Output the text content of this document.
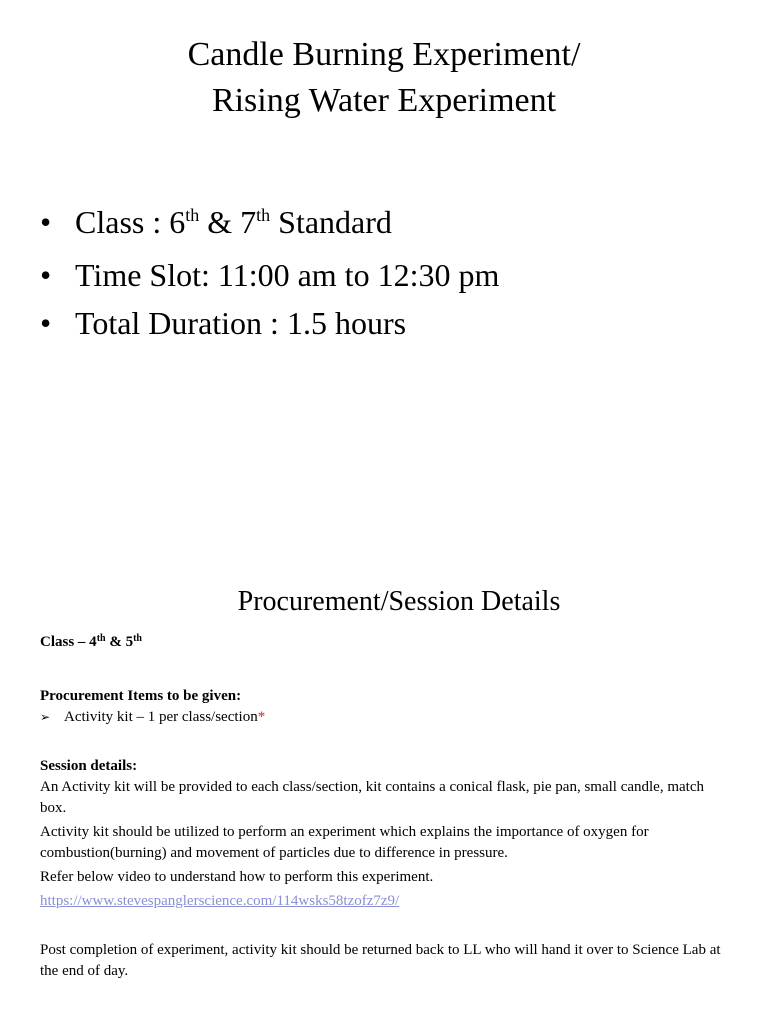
Candle Burning Experiment/
Rising Water Experiment
• Class : 6th & 7th Standard
• Time Slot: 11:00 am to 12:30 pm
• Total Duration : 1.5 hours
Procurement/Session Details

Class – 4th & 5th

Procurement Items to be given:

➢ Activity kit – 1 per class/section*

Session details:

An Activity kit will be provided to each class/section, kit contains a conical flask, pie pan, small candle, match box.

Activity kit should be utilized to perform an experiment which explains the importance of oxygen for combustion(burning) and movement of particles due to difference in pressure.

Refer below video to understand how to perform this experiment.

https://www.stevespanglerscience.com/114wsks58tzofz7z9/

Post completion of experiment, activity kit should be returned back to LL who will hand it over to Science Lab at the end of day.
